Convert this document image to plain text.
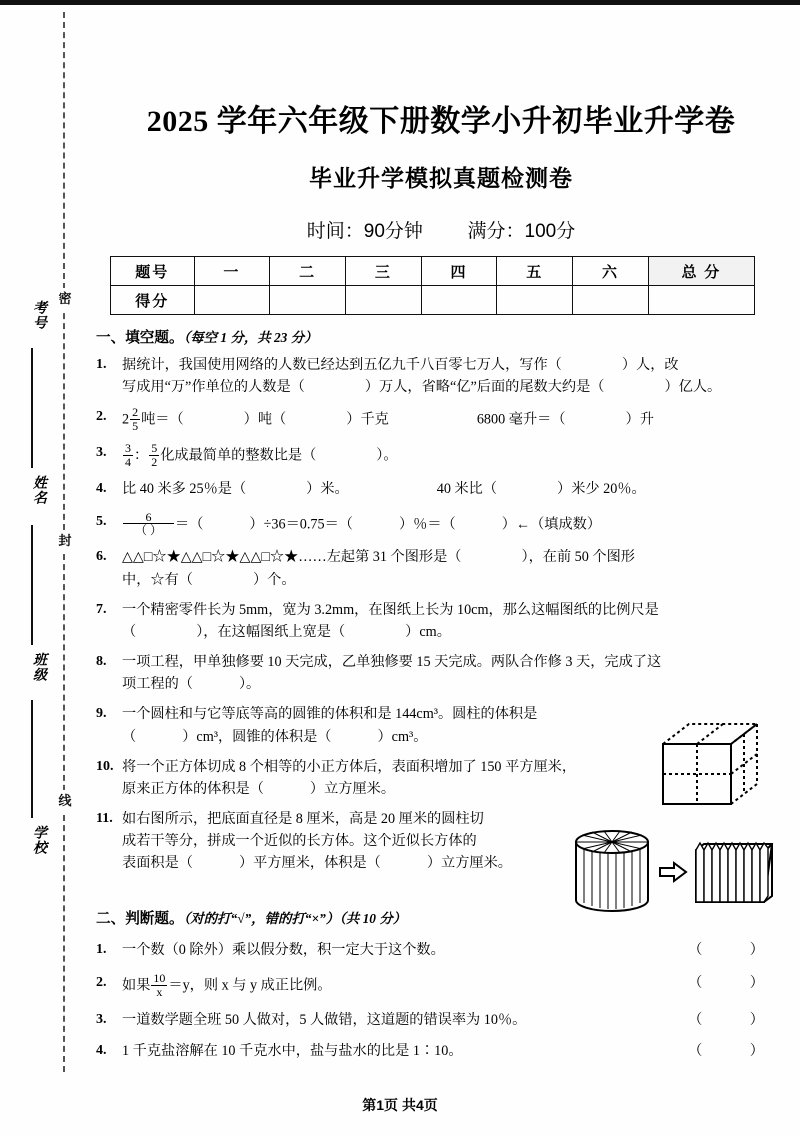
密
封
线
考号
姓名
班级
学校
2025 学年六年级下册数学小升初毕业升学卷
毕业升学模拟真题检测卷
时间：90分钟 满分：100分
题号	一	二	三	四	五	六	总 分
得分							
一、填空题。（每空 1 分，共 23 分）
1. 据统计，我国使用网络的人数已经达到五亿九千八百零七万人，写作（	）人，改
写成用“万”作单位的人数是（	）万人，省略“亿”后面的尾数大约是（	）亿人。
2. $2 \frac{2}{5}$ 吨＝（	）吨（	）千克	6800 毫升＝（	）升
3. $\frac{3}{4}$ ： $\frac{5}{2}$ 化成最简单的整数比是（	）。
4. 比 40 米多 25％是（	）米。	40 米比（	）米少 20％。
5. $\frac{6}{( )}$ ＝（	）÷36＝0.75＝（	）％＝（	）←（填成数）
6. △△□☆★△△□☆★△△□☆★……左起第 31 个图形是（	），在前 50 个图形
中，☆有（	）个。
7. 一个精密零件长为 5mm，宽为 3.2mm，在图纸上长为 10cm，那么这幅图纸的比例尺是
（	），在这幅图纸上宽是（	）cm。
8. 一项工程，甲单独修要 10 天完成，乙单独修要 15 天完成。两队合作修 3 天，完成了这
项工程的（	）。
9. 一个圆柱和与它等底等高的圆锥的体积和是 144cm³。圆柱的体积是
（	）cm³，圆锥的体积是（	）cm³。
10. 将一个正方体切成 8 个相等的小正方体后，表面积增加了 150 平方厘米，
原来正方体的体积是（	）立方厘米。
11. 如右图所示，把底面直径是 8 厘米，高是 20 厘米的圆柱切
成若干等分，拼成一个近似的长方体。这个近似长方体的
表面积是（	）平方厘米，体积是（	）立方厘米。
二、判断题。（对的打“√”，错的打“×”）（共 10 分）
1. 一个数（0 除外）乘以假分数，积一定大于这个数。	（ ）
2. 如果 $\frac{10}{x} =y$，则 x 与 y 成正比例。	（ ）
3. 一道数学题全班 50 人做对，5 人做错，这道题的错误率为 10％。	（ ）
4. 1 千克盐溶解在 10 千克水中，盐与盐水的比是 1∶10。	（ ）
第1页 共4页
